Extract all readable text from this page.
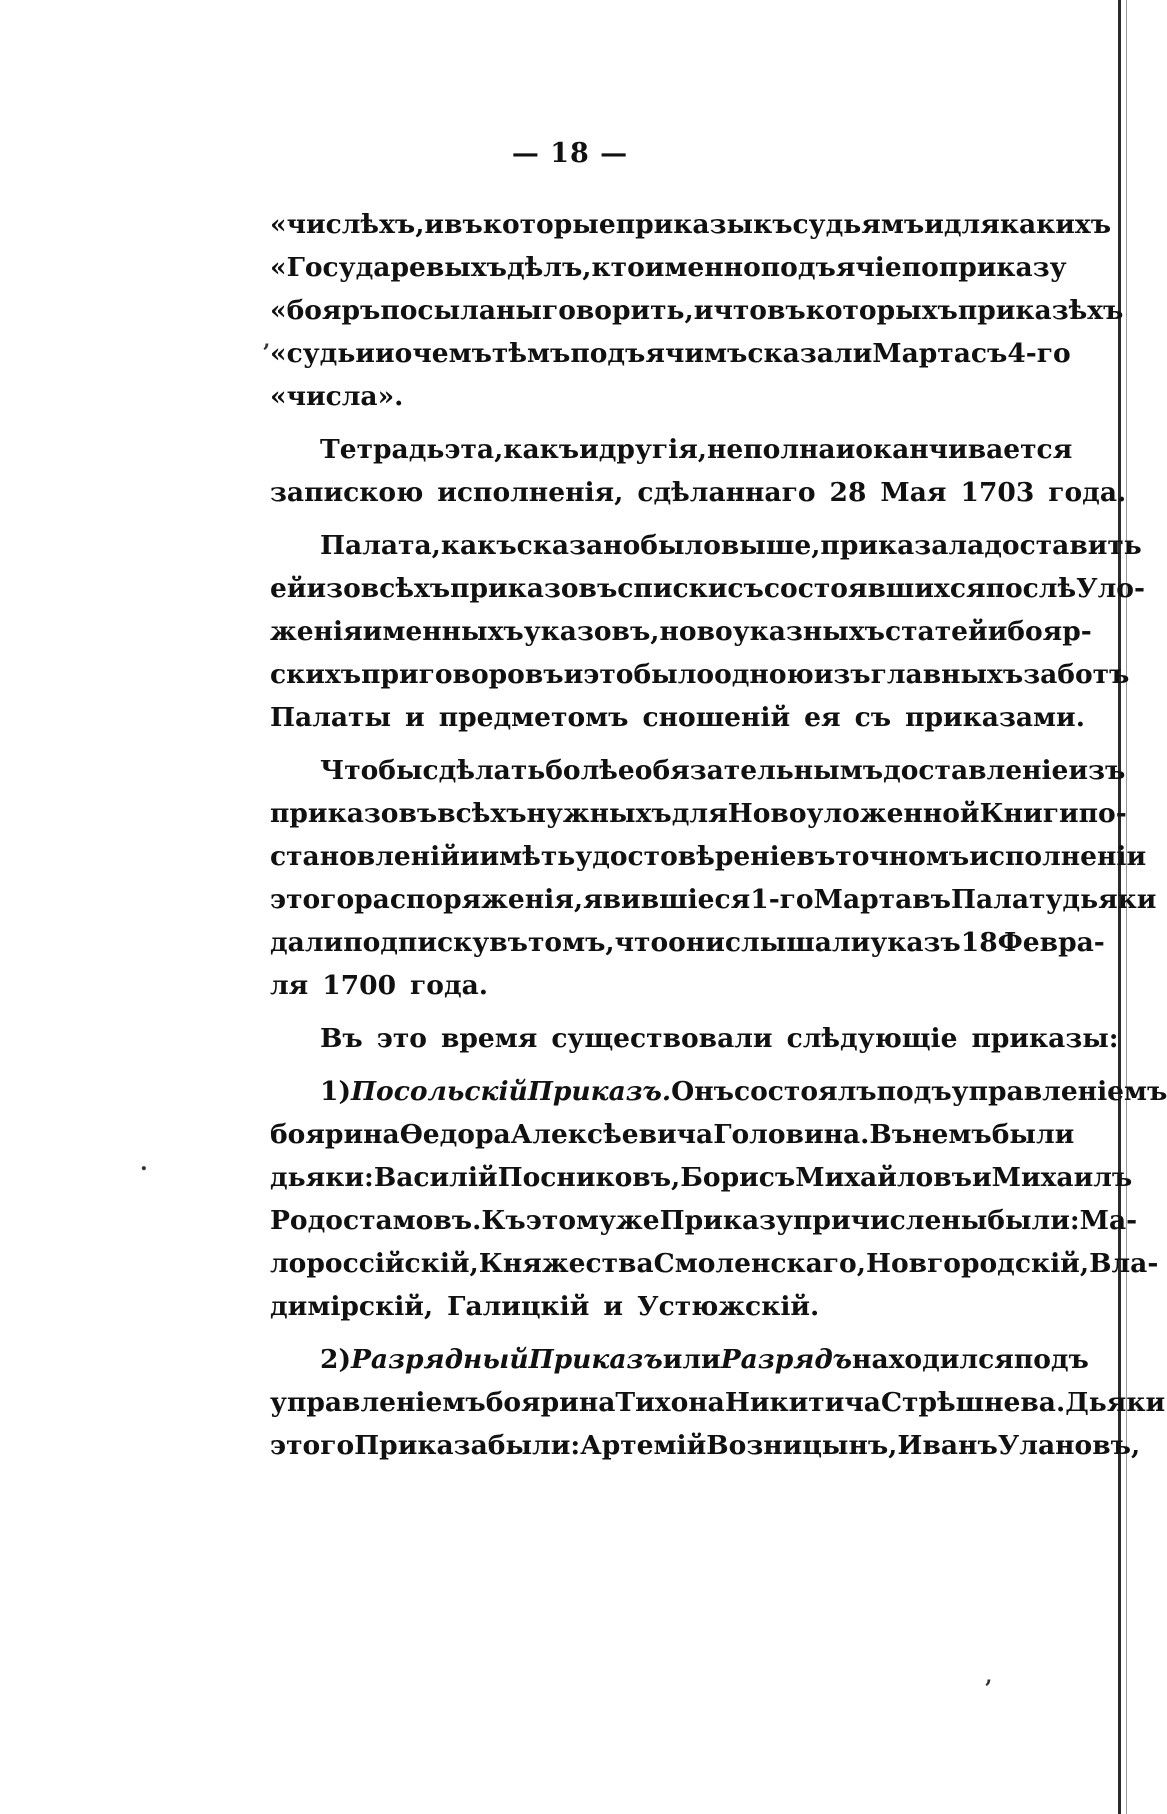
ʼ
.
ʼ
— 18 —
«числѣхъ, и въ которые приказы къ судьямъ и для какихъ
«Государевыхъ дѣлъ, кто именно подъячіе по приказу
«бояръ посыланы говорить, и что въ которыхъ приказѣхъ
«судьи и о чемъ тѣмъ подъячимъ сказали Марта съ 4-го
«числа».
Тетрадь эта, какъ и другія, не полна и оканчивается
запискою исполненія, сдѣланнаго 28 Мая 1703 года.
Палата, какъ сказано было выше, приказала доставить
ей изо всѣхъ приказовъ списки съ состоявшихся послѣ Уло-
женія именныхъ указовъ, новоуказныхъ статей и бояр-
скихъ приговоровъ и это было одною изъ главныхъ заботъ
Палаты и предметомъ сношеній ея съ приказами.
Чтобы сдѣлать болѣе обязательнымъ доставленіе изъ
приказовъ всѣхъ нужныхъ для Новоуложенной Книги по-
становленій и имѣть удостовѣреніе въ точномъ исполненіи
этого распоряженія, явившіеся 1-го Марта въ Палату дьяки
дали подписку въ томъ, что они слышали указъ 18 Февра-
ля 1700 года.
Въ это время существовали слѣдующіе приказы:
1) Посольскій Приказъ. Онъ состоялъ подъ управленіемъ
боярина Өедора Алексѣевича Головина. Въ немъ были
дьяки: Василій Посниковъ, Борисъ Михайловъ и Михаилъ
Родостамовъ. Къ этому же Приказу причислены были: Ма-
лороссійскій, Княжества Смоленскаго, Новгородскій, Вла-
димірскій, Галицкій и Устюжскій.
2) Разрядный Приказъ или Разрядъ находился подъ
управленіемъ боярина Тихона Никитича Стрѣшнева. Дьяки
этого Приказа были: Артемій Возницынъ, Иванъ Улановъ,
